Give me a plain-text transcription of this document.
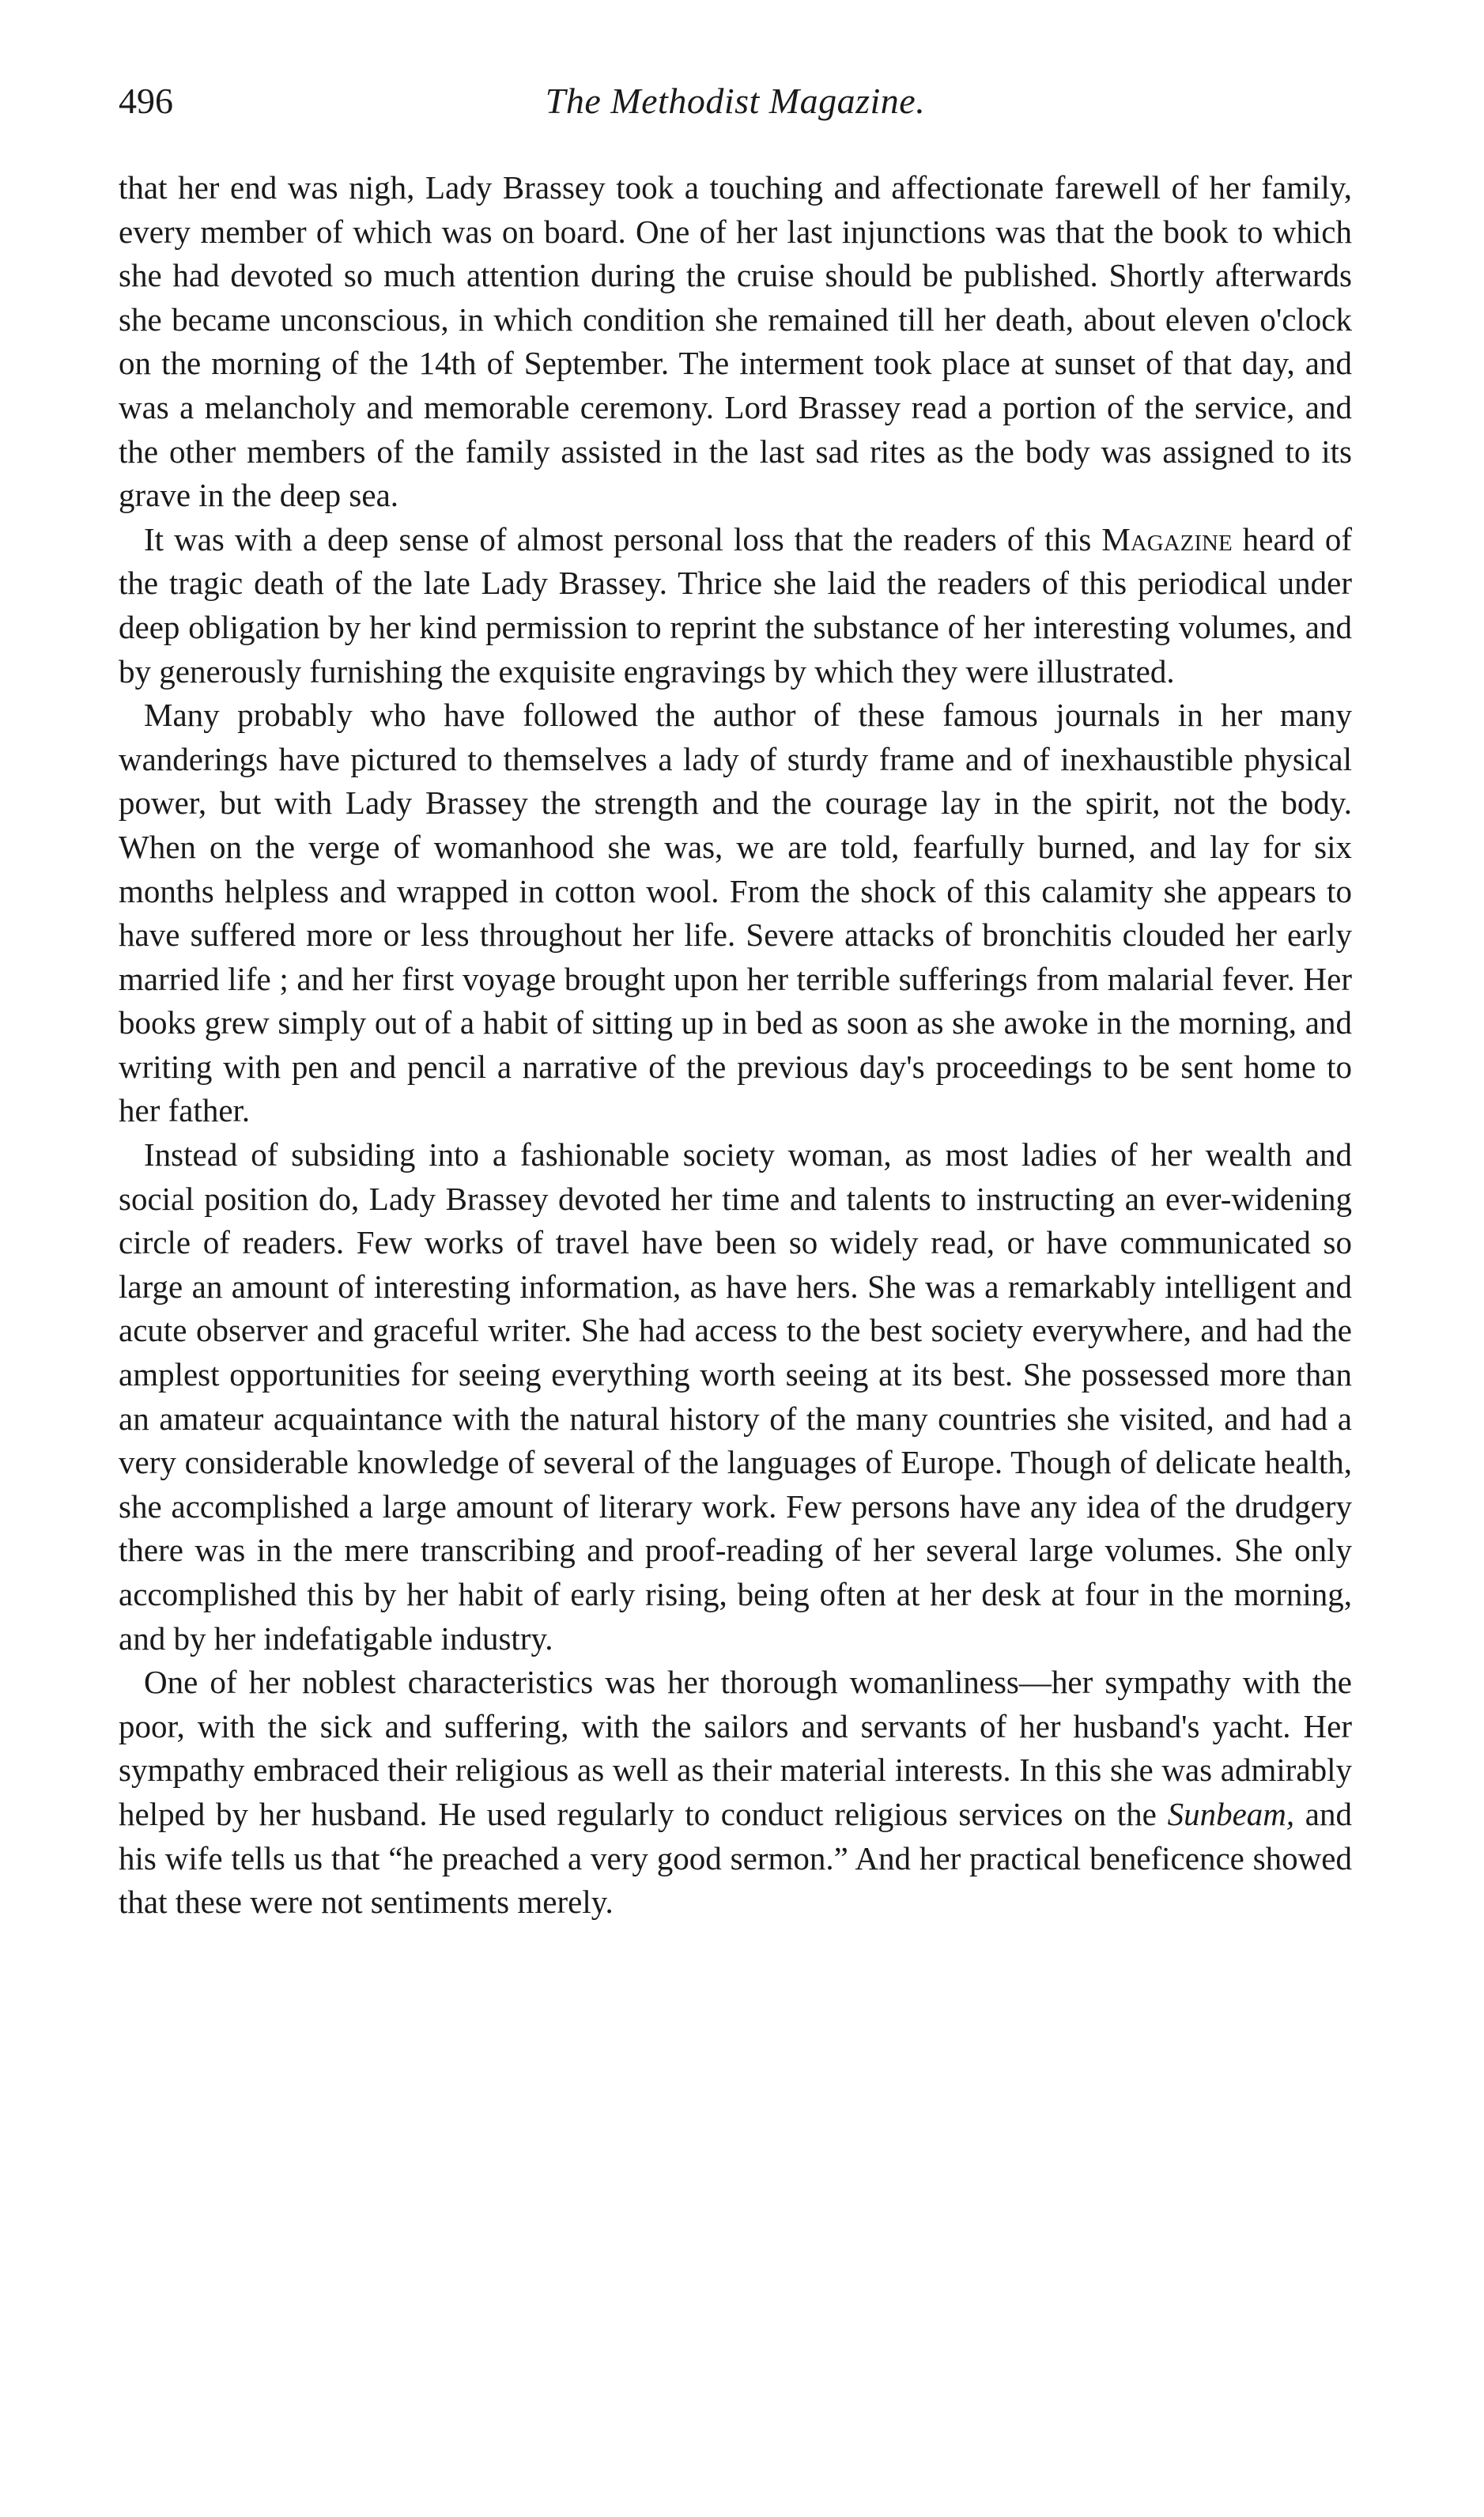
496	The Methodist Magazine.

that her end was nigh, Lady Brassey took a touching and affectionate farewell of her family, every member of which was on board. One of her last injunctions was that the book to which she had devoted so much attention during the cruise should be published. Shortly afterwards she became unconscious, in which condition she remained till her death, about eleven o'clock on the morning of the 14th of September. The interment took place at sunset of that day, and was a melancholy and memorable ceremony. Lord Brassey read a portion of the service, and the other members of the family assisted in the last sad rites as the body was assigned to its grave in the deep sea.

It was with a deep sense of almost personal loss that the readers of this Magazine heard of the tragic death of the late Lady Brassey. Thrice she laid the readers of this periodical under deep obligation by her kind permission to reprint the substance of her interesting volumes, and by generously furnishing the exquisite engravings by which they were illustrated.

Many probably who have followed the author of these famous journals in her many wanderings have pictured to themselves a lady of sturdy frame and of inexhaustible physical power, but with Lady Brassey the strength and the courage lay in the spirit, not the body. When on the verge of womanhood she was, we are told, fearfully burned, and lay for six months helpless and wrapped in cotton wool. From the shock of this calamity she appears to have suffered more or less throughout her life. Severe attacks of bronchitis clouded her early married life ; and her first voyage brought upon her terrible sufferings from malarial fever. Her books grew simply out of a habit of sitting up in bed as soon as she awoke in the morning, and writing with pen and pencil a narrative of the previous day's proceedings to be sent home to her father.

Instead of subsiding into a fashionable society woman, as most ladies of her wealth and social position do, Lady Brassey devoted her time and talents to instructing an ever-widening circle of readers. Few works of travel have been so widely read, or have communicated so large an amount of interesting information, as have hers. She was a remarkably intelligent and acute observer and graceful writer. She had access to the best society everywhere, and had the amplest opportunities for seeing everything worth seeing at its best. She possessed more than an amateur acquaintance with the natural history of the many countries she visited, and had a very considerable knowledge of several of the languages of Europe. Though of delicate health, she accomplished a large amount of literary work. Few persons have any idea of the drudgery there was in the mere transcribing and proof-reading of her several large volumes. She only accomplished this by her habit of early rising, being often at her desk at four in the morning, and by her indefatigable industry.

One of her noblest characteristics was her thorough womanliness—her sympathy with the poor, with the sick and suffering, with the sailors and servants of her husband's yacht. Her sympathy embraced their religious as well as their material interests. In this she was admirably helped by her husband. He used regularly to conduct religious services on the Sunbeam, and his wife tells us that “he preached a very good sermon.” And her practical beneficence showed that these were not sentiments merely.
